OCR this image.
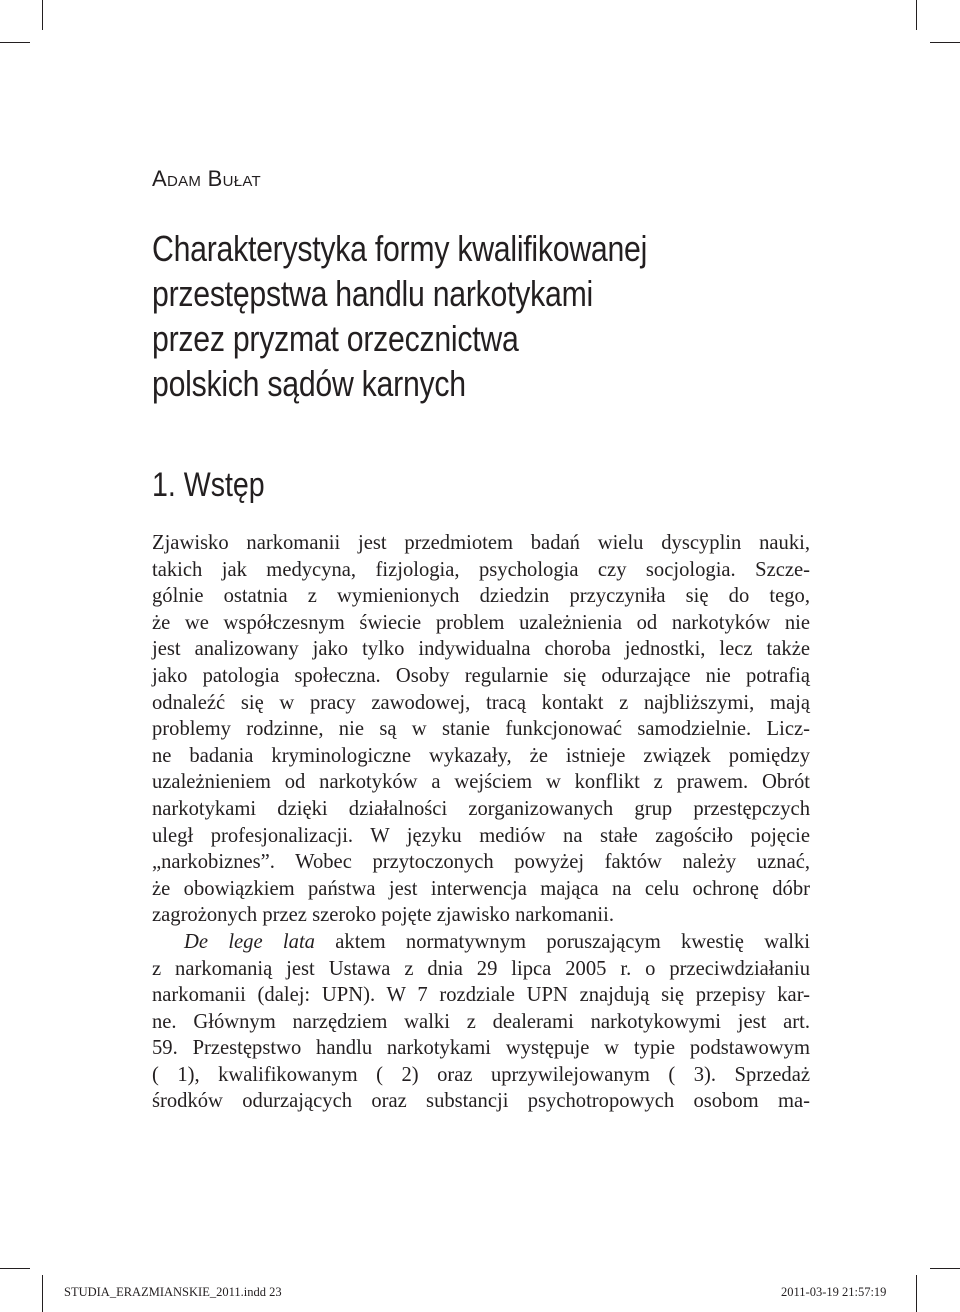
Adam Bułat
Charakterystyka formy kwalifikowanej
przestępstwa handlu narkotykami
przez pryzmat orzecznictwa
polskich sądów karnych
1. Wstęp
Zjawisko narkomanii jest przedmiotem badań wielu dyscyplin nauki,
takich jak medycyna, fizjologia, psychologia czy socjologia. Szcze-
gólnie ostatnia z wymienionych dziedzin przyczyniła się do tego,
że we współczesnym świecie problem uzależnienia od narkotyków nie
jest analizowany jako tylko indywidualna choroba jednostki, lecz także
jako patologia społeczna. Osoby regularnie się odurzające nie potrafią
odnaleźć się w pracy zawodowej, tracą kontakt z najbliższymi, mają
problemy rodzinne, nie są w stanie funkcjonować samodzielnie. Licz-
ne badania kryminologiczne wykazały, że istnieje związek pomiędzy
uzależnieniem od narkotyków a wejściem w konflikt z prawem. Obrót
narkotykami dzięki działalności zorganizowanych grup przestępczych
uległ profesjonalizacji. W języku mediów na stałe zagościło pojęcie
„narkobiznes”. Wobec przytoczonych powyżej faktów należy uznać,
że obowiązkiem państwa jest interwencja mająca na celu ochronę dóbr
zagrożonych przez szeroko pojęte zjawisko narkomanii.
De lege lata aktem normatywnym poruszającym kwestię walki
z narkomanią jest Ustawa z dnia 29 lipca 2005 r. o przeciwdziałaniu
narkomanii (dalej: UPN). W 7 rozdziale UPN znajdują się przepisy kar-
ne. Głównym narzędziem walki z dealerami narkotykowymi jest art.
59. Przestępstwo handlu narkotykami występuje w typie podstawowym
( 1), kwalifikowanym ( 2) oraz uprzywilejowanym ( 3). Sprzedaż
środków odurzających oraz substancji psychotropowych osobom ma-
STUDIA_ERAZMIANSKIE_2011.indd 23	2011-03-19 21:57:19
